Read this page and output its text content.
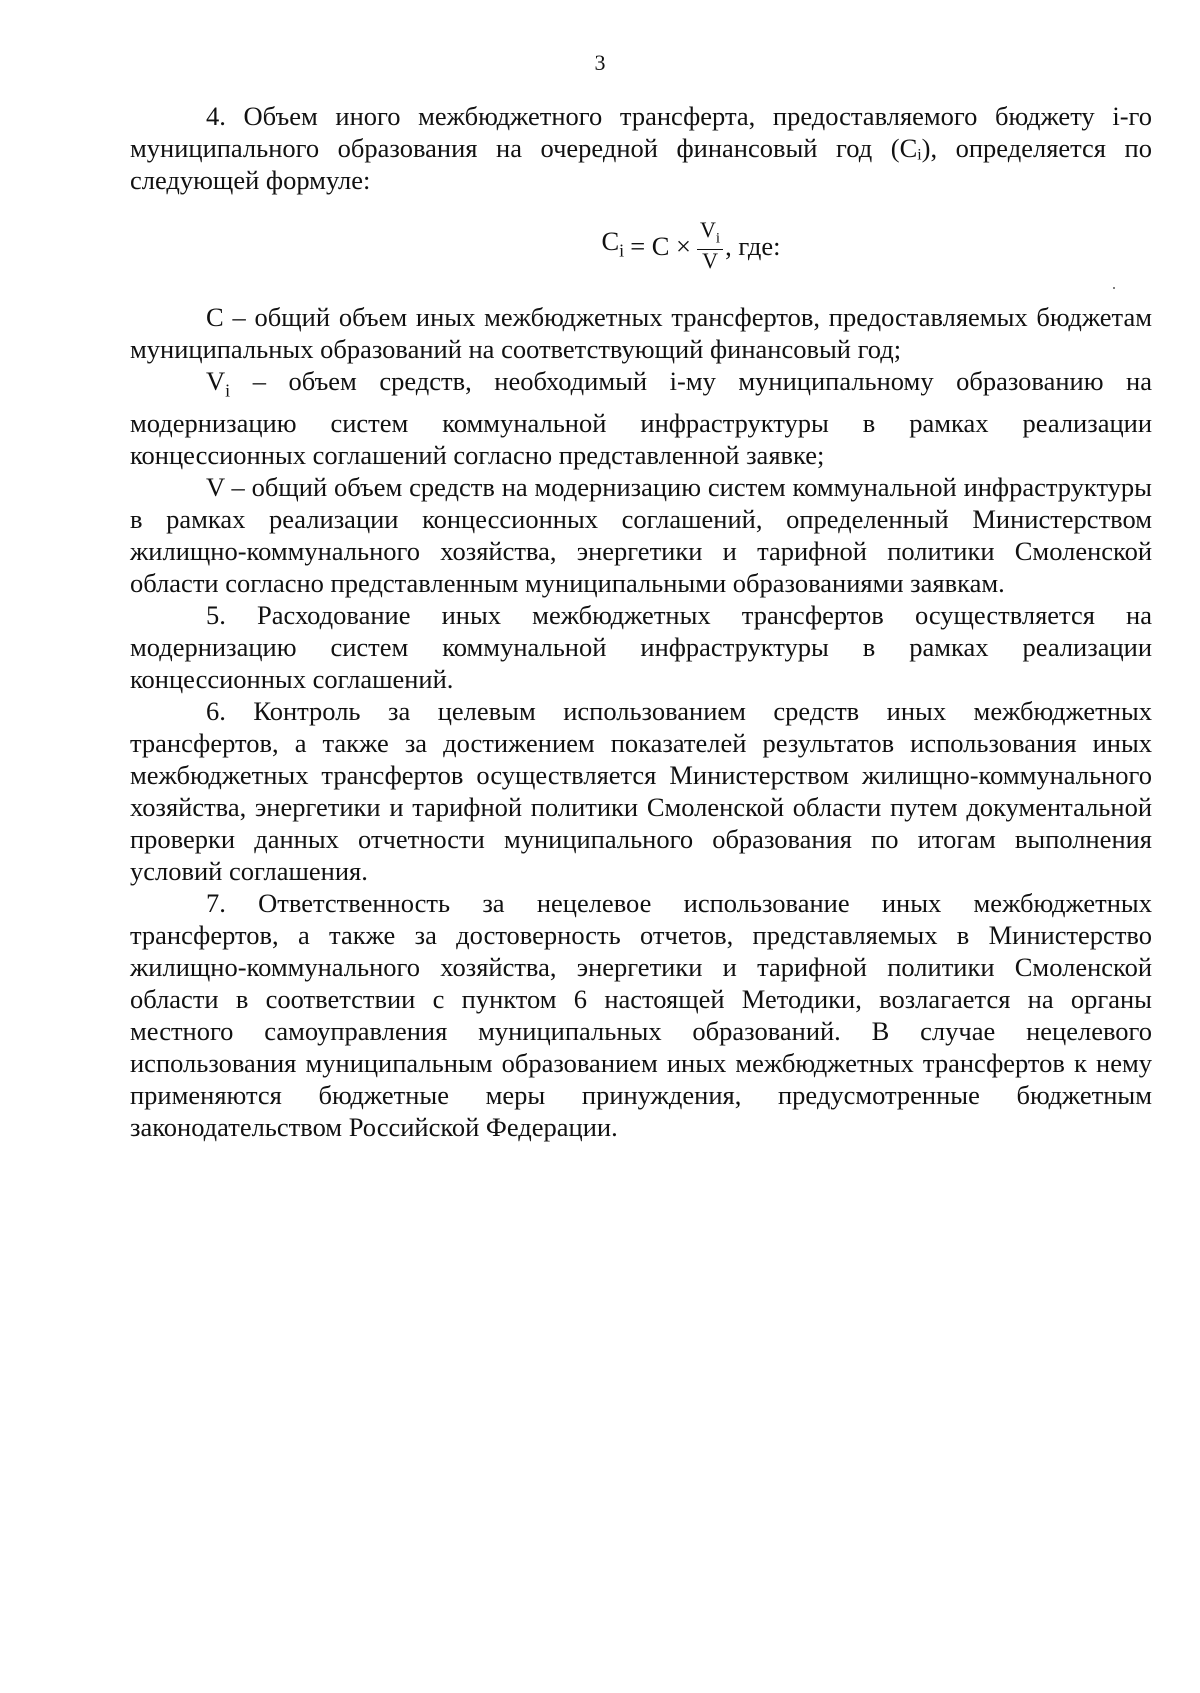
3

4. Объем иного межбюджетного трансферта, предоставляемого бюджету i-го муниципального образования на очередной финансовый год (Cᵢ), определяется по следующей формуле:

$C_i = C \times \frac{V_i}{V}$ , где:

C – общий объем иных межбюджетных трансфертов, предоставляемых бюджетам муниципальных образований на соответствующий финансовый год;

$V_i$ – объем средств, необходимый i-му муниципальному образованию на модернизацию систем коммунальной инфраструктуры в рамках реализации концессионных соглашений согласно представленной заявке;

V – общий объем средств на модернизацию систем коммунальной инфраструктуры в рамках реализации концессионных соглашений, определенный Министерством жилищно-коммунального хозяйства, энергетики и тарифной политики Смоленской области согласно представленным муниципальными образованиями заявкам.

5. Расходование иных межбюджетных трансфертов осуществляется на модернизацию систем коммунальной инфраструктуры в рамках реализации концессионных соглашений.

6. Контроль за целевым использованием средств иных межбюджетных трансфертов, а также за достижением показателей результатов использования иных межбюджетных трансфертов осуществляется Министерством жилищно-коммунального хозяйства, энергетики и тарифной политики Смоленской области путем документальной проверки данных отчетности муниципального образования по итогам выполнения условий соглашения.

7. Ответственность за нецелевое использование иных межбюджетных трансфертов, а также за достоверность отчетов, представляемых в Министерство жилищно-коммунального хозяйства, энергетики и тарифной политики Смоленской области в соответствии с пунктом 6 настоящей Методики, возлагается на органы местного самоуправления муниципальных образований. В случае нецелевого использования муниципальным образованием иных межбюджетных трансфертов к нему применяются бюджетные меры принуждения, предусмотренные бюджетным законодательством Российской Федерации.
